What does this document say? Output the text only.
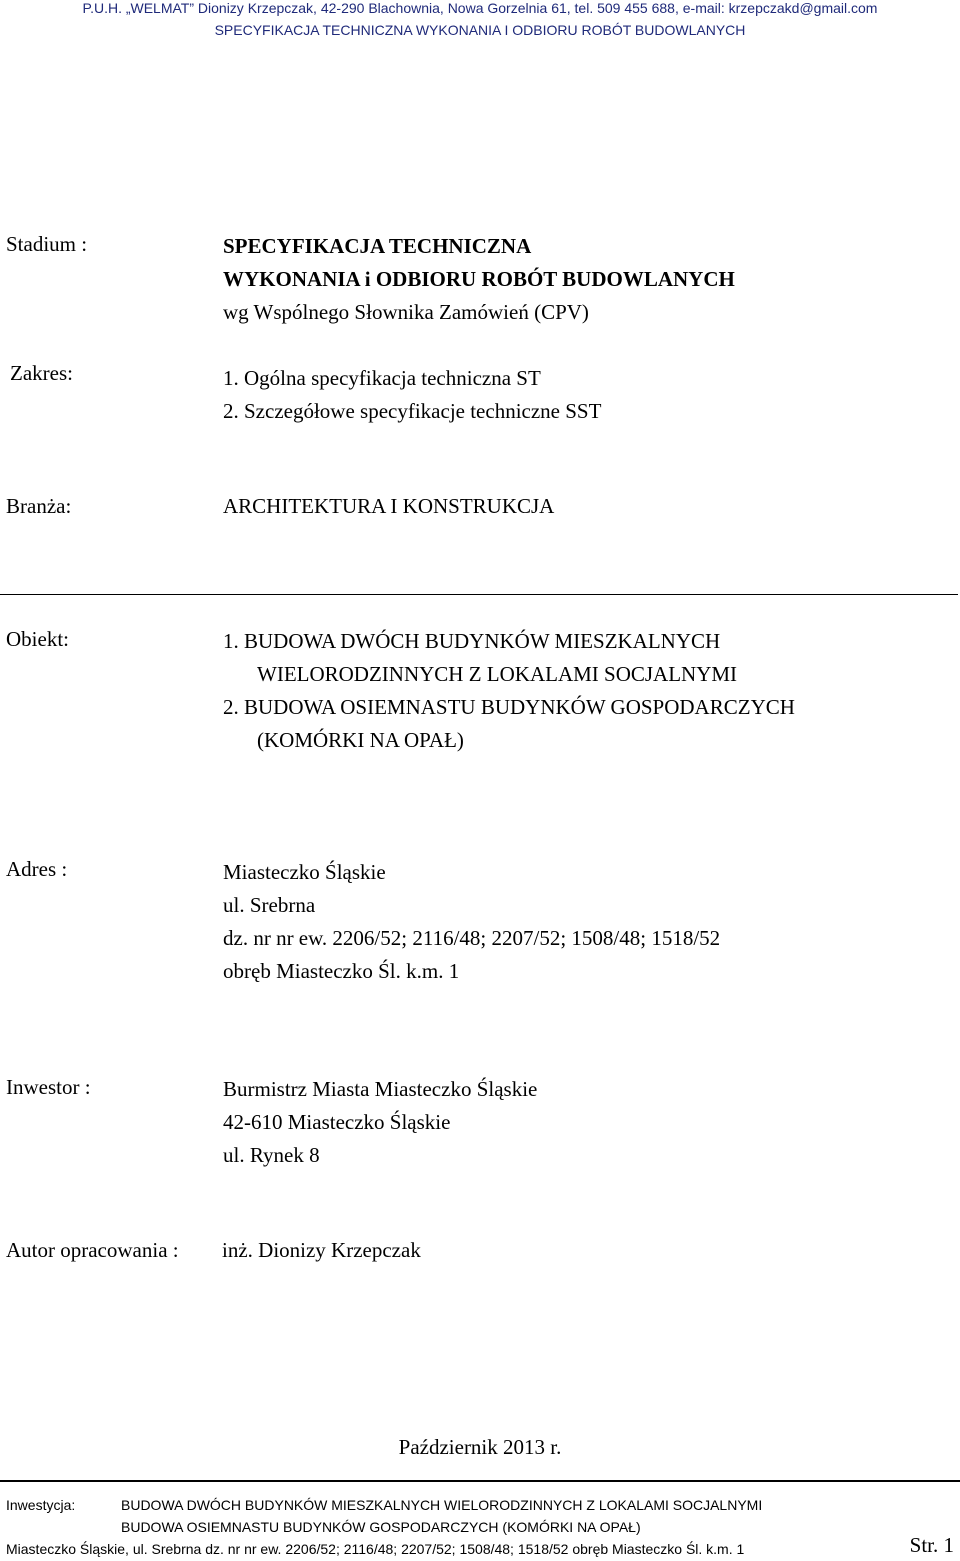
P.U.H. „WELMAT” Dionizy Krzepczak, 42-290 Blachownia, Nowa Gorzelnia 61, tel. 509 455 688, e-mail: krzepczakd@gmail.com
SPECYFIKACJA TECHNICZNA WYKONANIA I ODBIORU ROBÓT BUDOWLANYCH
Stadium :	SPECYFIKACJA TECHNICZNA
WYKONANIA i ODBIORU ROBÓT BUDOWLANYCH
wg Wspólnego Słownika Zamówień (CPV)
Zakres:	1. Ogólna specyfikacja techniczna ST
2. Szczegółowe specyfikacje techniczne SST
Branża:	ARCHITEKTURA I KONSTRUKCJA
Obiekt:	1. BUDOWA DWÓCH BUDYNKÓW MIESZKALNYCH
WIELORODZINNYCH Z LOKALAMI SOCJALNYMI
2. BUDOWA OSIEMNASTU BUDYNKÓW GOSPODARCZYCH
(KOMÓRKI NA OPAŁ)
Adres :	Miasteczko Śląskie
ul. Srebrna
dz. nr nr ew. 2206/52; 2116/48; 2207/52; 1508/48; 1518/52
obręb Miasteczko Śl. k.m. 1
Inwestor :	Burmistrz Miasta Miasteczko Śląskie
42-610 Miasteczko Śląskie
ul. Rynek 8
Autor opracowania : inż. Dionizy Krzepczak
Październik 2013 r.
Inwestycja:	BUDOWA DWÓCH BUDYNKÓW MIESZKALNYCH WIELORODZINNYCH Z LOKALAMI SOCJALNYMI
BUDOWA OSIEMNASTU BUDYNKÓW GOSPODARCZYCH (KOMÓRKI NA OPAŁ)
Miasteczko Śląskie, ul. Srebrna dz. nr nr ew. 2206/52; 2116/48; 2207/52; 1508/48; 1518/52 obręb Miasteczko Śl. k.m. 1	Str. 1
